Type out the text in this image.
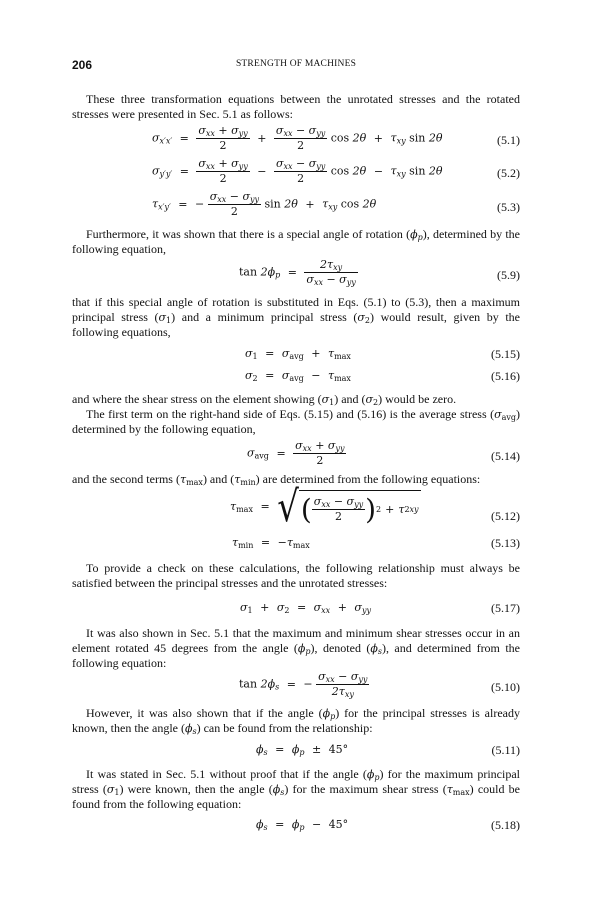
206	STRENGTH OF MACHINES
These three transformation equations between the unrotated stresses and the rotated stresses were presented in Sec. 5.1 as follows:
$\sigma_{x'x'} = \frac{\sigma_{xx} + \sigma_{yy}}{2} + \frac{\sigma_{xx} - \sigma_{yy}}{2}$ $\cos 2\theta + \tau_{xy}$ sin 2θ	(5.1)
$\sigma_{y'y'} = \frac{\sigma_{xx} + \sigma_{yy}}{2} - \frac{\sigma_{xx} - \sigma_{yy}}{2}$ $\cos 2\theta - \tau_{xy}$ sin 2θ	(5.2)
$\tau_{x'y'}$ = − $\frac{\sigma_{xx} - \sigma_{yy}}{2}$ $\sin 2\theta + \tau_{xy}$ cos 2θ	(5.3)
Furthermore, it was shown that there is a special angle of rotation $(\phi_p)$, determined by the following equation,
$\tan 2\phi_p = \frac{2\tau_{xy}}{\sigma_{xx} - \sigma_{yy}}$	(5.9)
that if this special angle of rotation is substituted in Eqs. (5.1) to (5.3), then a maximum principal stress $(\sigma_1)$ and a minimum principal stress $(\sigma_2)$ would result, given by the following equations,
$\sigma_1 = \sigma_{avg} + \tau_{max}$	(5.15)
$\sigma_2 = \sigma_{avg} - \tau_{max}$	(5.16)
and where the shear stress on the element showing $(\sigma_1)$ and $(\sigma_2)$ would be zero.
The first term on the right-hand side of Eqs. (5.15) and (5.16) is the average stress $(\sigma_{avg})$ determined by the following equation,
$\sigma_{avg} = \frac{\sigma_{xx} + \sigma_{yy}}{2}$	(5.14)
and the second terms $(\tau_{max})$ and $(\tau_{min})$ are determined from the following equations:
$\tau_{max}$ = √ ( $\frac{\sigma_{xx} - \sigma_{yy}}{2}$ ) 2 + τ 2 xy	(5.12)
$\tau_{min} = -\tau_{max}$	(5.13)
To provide a check on these calculations, the following relationship must always be satisfied between the principal stresses and the unrotated stresses:
$\sigma_1 + \sigma_2 = \sigma_{xx} + \sigma_{yy}$	(5.17)
It was also shown in Sec. 5.1 that the maximum and minimum shear stresses occur in an element rotated 45 degrees from the angle $(\phi_p)$, denoted $(\phi_s)$, and determined from the following equation:
$\tan 2\phi_s$ = − $\frac{\sigma_{xx} - \sigma_{yy}}{2\tau_{xy}}$	(5.10)
However, it was also shown that if the angle $(\phi_p)$ for the principal stresses is already known, then the angle $(\phi_s)$ can be found from the relationship:
$\phi_s = \phi_p \pm 45^\circ$	(5.11)
It was stated in Sec. 5.1 without proof that if the angle $(\phi_p)$ for the maximum principal stress $(\sigma_1)$ were known, then the angle $(\phi_s)$ for the maximum shear stress $(\tau_{max})$ could be found from the following equation:
$\phi_s = \phi_p - 45^\circ$	(5.18)
